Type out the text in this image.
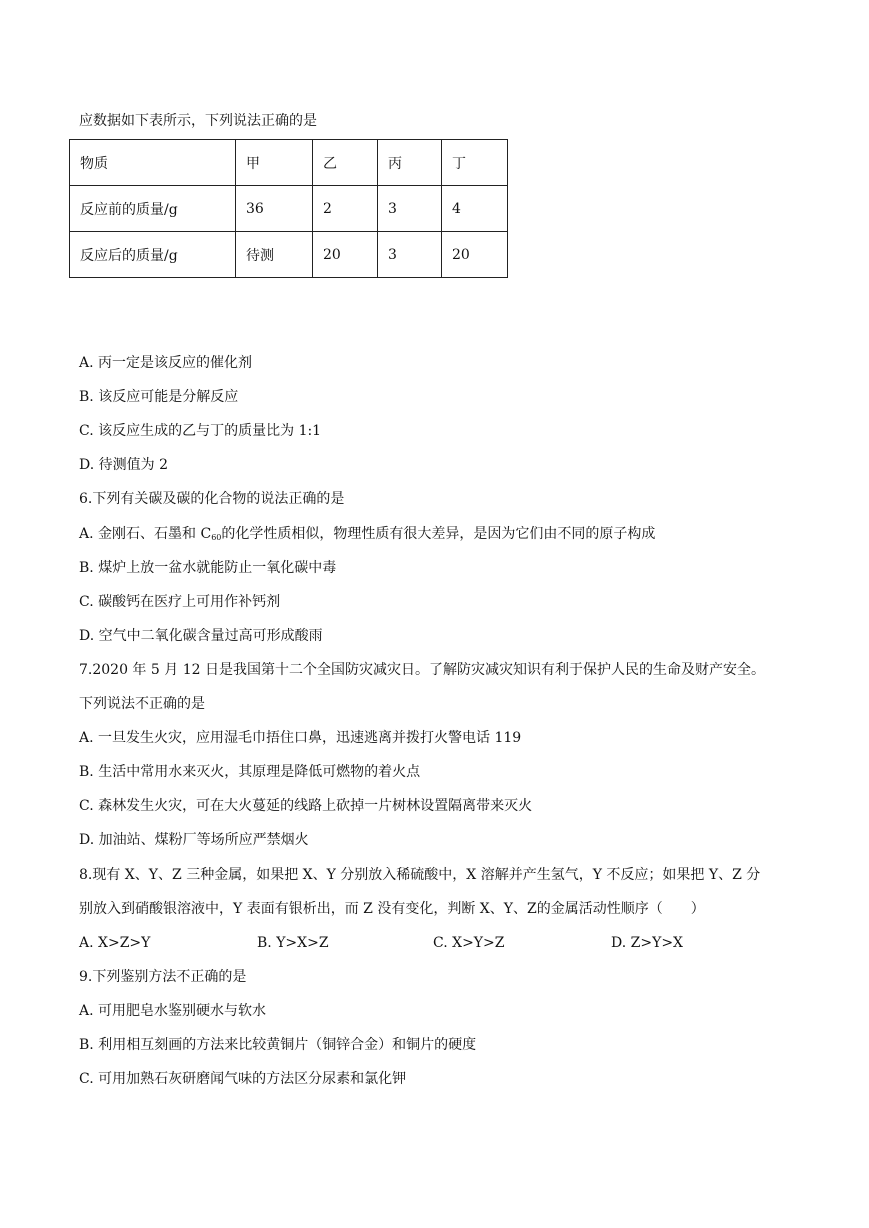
应数据如下表所示，下列说法正确的是
物质	甲	乙	丙	丁
反应前的质量/g	36	2	3	4
反应后的质量/g	待测	20	3	20
A. 丙一定是该反应的催化剂
B. 该反应可能是分解反应
C. 该反应生成的乙与丁的质量比为 1:1
D. 待测值为 2
6.下列有关碳及碳的化合物的说法正确的是
A. 金刚石、石墨和 $C_{60}$的化学性质相似，物理性质有很大差异，是因为它们由不同的原子构成
B. 煤炉上放一盆水就能防止一氧化碳中毒
C. 碳酸钙在医疗上可用作补钙剂
D. 空气中二氧化碳含量过高可形成酸雨
7.2020 年 5 月 12 日是我国第十二个全国防灾减灾日。了解防灾减灾知识有利于保护人民的生命及财产安全。
下列说法不正确的是
A. 一旦发生火灾，应用湿毛巾捂住口鼻，迅速逃离并拨打火警电话 119
B. 生活中常用水来灭火，其原理是降低可燃物的着火点
C. 森林发生火灾，可在大火蔓延的线路上砍掉一片树林设置隔离带来灭火
D. 加油站、煤粉厂等场所应严禁烟火
8.现有 X、Y、Z 三种金属，如果把 X、Y 分别放入稀硫酸中，X 溶解并产生氢气，Y 不反应；如果把 Y、Z 分
别放入到硝酸银溶液中，Y 表面有银析出，而 Z 没有变化，判断 X、Y、Z的金属活动性顺序（　　）
A. X>Z>Y	B. Y>X>Z	C. X>Y>Z	D. Z>Y>X
9.下列鉴别方法不正确的是
A. 可用肥皂水鉴别硬水与软水
B. 利用相互刻画的方法来比较黄铜片（铜锌合金）和铜片的硬度
C. 可用加熟石灰研磨闻气味的方法区分尿素和氯化钾
